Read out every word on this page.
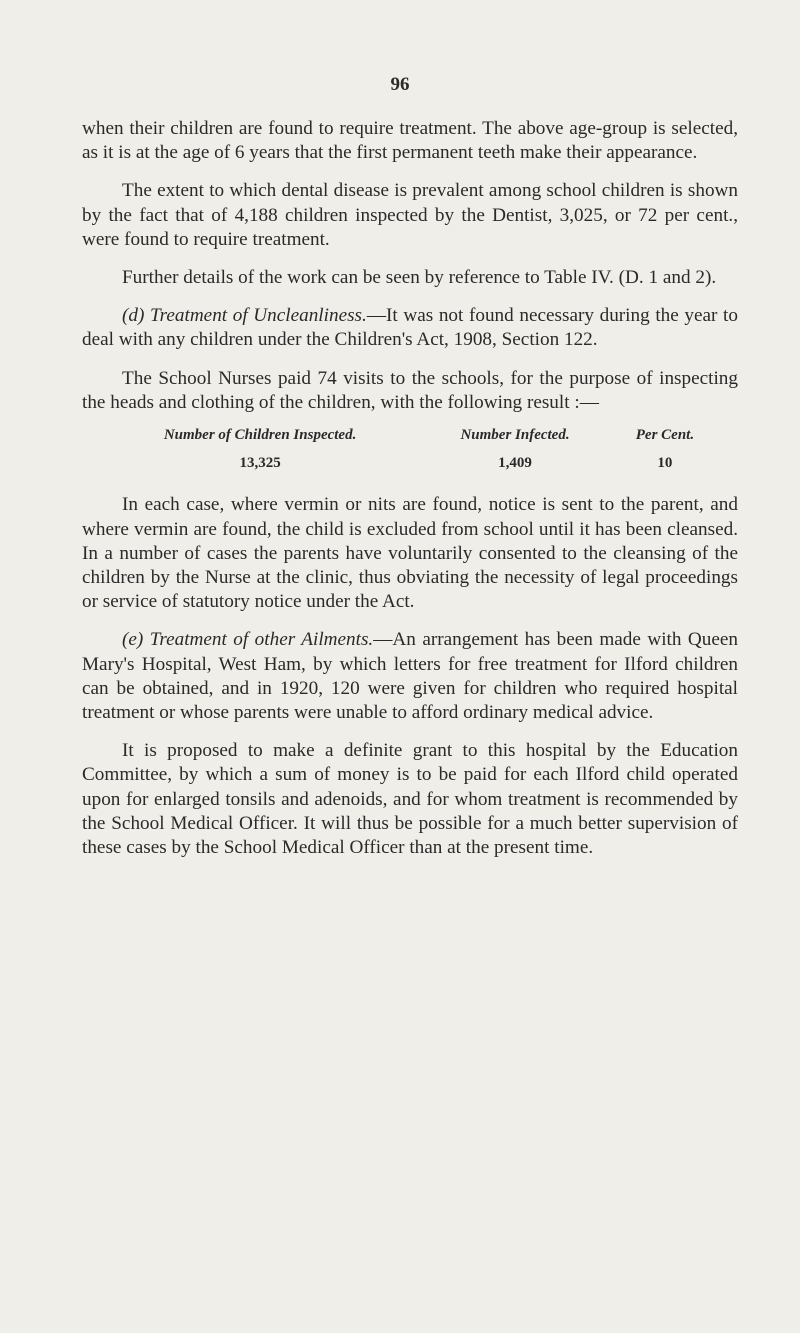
96

when their children are found to require treatment. The above age-group is selected, as it is at the age of 6 years that the first permanent teeth make their appearance.

The extent to which dental disease is prevalent among school children is shown by the fact that of 4,188 children inspected by the Dentist, 3,025, or 72 per cent., were found to require treatment.

Further details of the work can be seen by reference to Table IV. (D. 1 and 2).

(d) Treatment of Uncleanliness.—It was not found necessary during the year to deal with any children under the Children's Act, 1908, Section 122.

The School Nurses paid 74 visits to the schools, for the purpose of inspecting the heads and clothing of the children, with the following result :—

Number of Children Inspected.	Number Infected.	Per Cent.
13,325	1,409	10

In each case, where vermin or nits are found, notice is sent to the parent, and where vermin are found, the child is excluded from school until it has been cleansed. In a number of cases the parents have voluntarily consented to the cleansing of the children by the Nurse at the clinic, thus obviating the necessity of legal proceedings or service of statutory notice under the Act.

(e) Treatment of other Ailments.—An arrangement has been made with Queen Mary's Hospital, West Ham, by which letters for free treatment for Ilford children can be obtained, and in 1920, 120 were given for children who required hospital treatment or whose parents were unable to afford ordinary medical advice.

It is proposed to make a definite grant to this hospital by the Education Committee, by which a sum of money is to be paid for each Ilford child operated upon for enlarged tonsils and adenoids, and for whom treatment is recommended by the School Medical Officer. It will thus be possible for a much better supervision of these cases by the School Medical Officer than at the present time.
